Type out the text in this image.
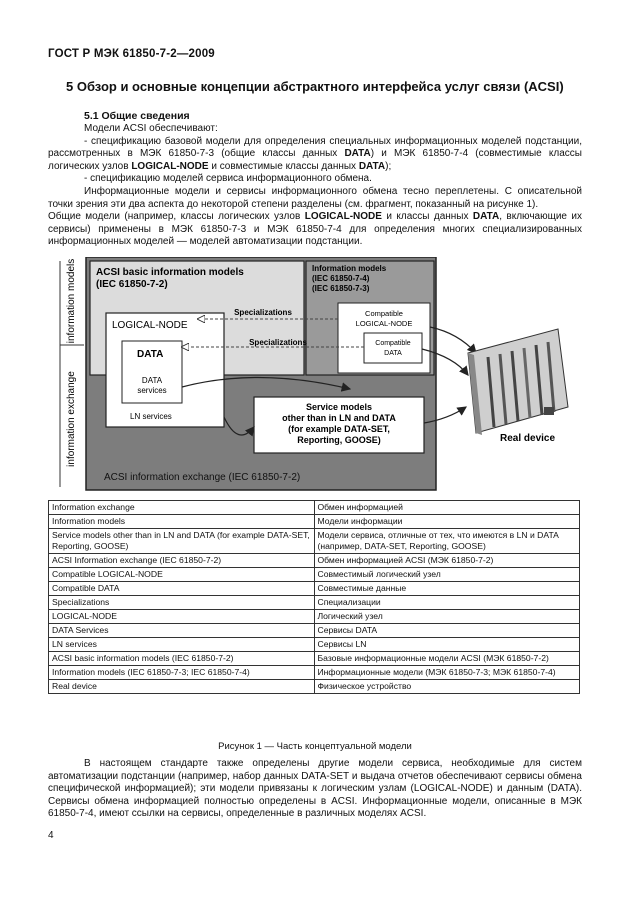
ГОСТ Р МЭК 61850-7-2—2009
5 Обзор и основные концепции абстрактного интерфейса услуг связи (ACSI)
5.1 Общие сведения

Модели ACSI обеспечивают:

- спецификацию базовой модели для определения специальных информационных моделей подстанции, рассмотренных в МЭК 61850-7-3 (общие классы данных DATA) и МЭК 61850-7-4 (совместимые классы логических узлов LOGICAL-NODE и совместимые классы данных DATA);

- спецификацию моделей сервиса информационного обмена.

Информационные модели и сервисы информационного обмена тесно переплетены. С описательной точки зрения эти два аспекта до некоторой степени разделены (см. фрагмент, показанный на рисунке 1).

Общие модели (например, классы логических узлов LOGICAL-NODE и классы данных DATA, включающие их сервисы) применены в МЭК 61850-7-3 и МЭК 61850-7-4 для определения многих специализированных информационных моделей — моделей автоматизации подстанции.

information models
information exchange
ACSI basic information models
(IEC 61850-7-2)
Information models
(IEC 61850-7-4)
(IEC 61850-7-3)
LOGICAL-NODE
DATA
DATA
services
LN services
Compatible
LOGICAL-NODE
Compatible
DATA
Specializations
Specializations
Service models
other than in LN and DATA
(for example DATA-SET,
Reporting, GOOSE)	Real device
ACSI information exchange (IEC 61850-7-2)
Information exchange	Обмен информацией
Information models	Модели информации
Service models other than in LN and DATA (for example DATA-SET, Reporting, GOOSE)	Модели сервиса, отличные от тех, что имеются в LN и DATA (например, DATA-SET, Reporting, GOOSE)
ACSI Information exchange (IEC 61850-7-2)	Обмен информацией ACSI (МЭК 61850-7-2)
Compatible LOGICAL-NODE	Совместимый логический узел
Compatible DATA	Совместимые данные
Specializations	Специализации
LOGICAL-NODE	Логический узел
DATA Services	Сервисы DATA
LN services	Сервисы LN
ACSI basic information models (IEC 61850-7-2)	Базовые информационные модели ACSI (МЭК 61850-7-2)
Information models (IEC 61850-7-3; IEC 61850-7-4)	Информационные модели (МЭК 61850-7-3; МЭК 61850-7-4)
Real device	Физическое устройство
Рисунок 1 — Часть концептуальной модели

В настоящем стандарте также определены другие модели сервиса, необходимые для систем автоматизации подстанции (например, набор данных DATA-SET и выдача отчетов обеспечивают сервисы обмена специфической информацией); эти модели привязаны к логическим узлам (LOGICAL-NODE) и данным (DATA). Сервисы обмена информацией полностью определены в ACSI. Информационные модели, описанные в МЭК 61850-7-4, имеют ссылки на сервисы, определенные в различных моделях ACSI.

4
